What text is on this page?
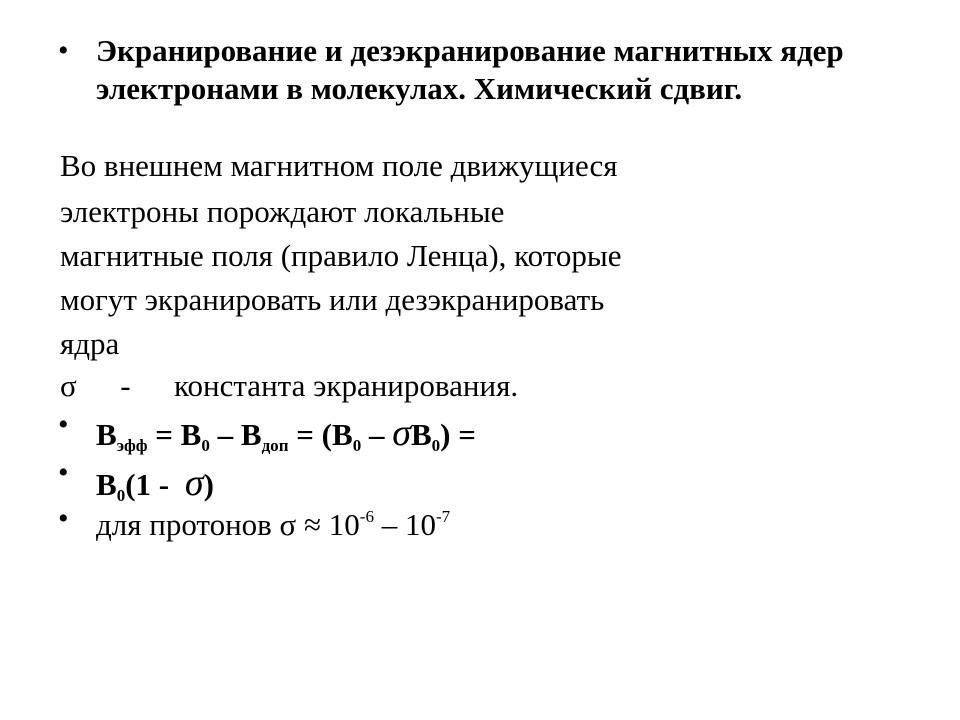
• Экранирование и дезэкранирование магнитных ядер электронами в молекулах. Химический сдвиг.
Во внешнем магнитном поле движущиеся
электроны порождают локальные
магнитные поля (правило Ленца), которые
могут экранировать или дезэкранировать
ядра
σ - константа экранирования.
• $B_{эфф} = B_0 - B_{доп} = (B_0 - \sigma B_0)$ =
• $B_0(1 - \sigma)$
• для протонов $\sigma \approx 10^{-6} - 10^{-7}$
